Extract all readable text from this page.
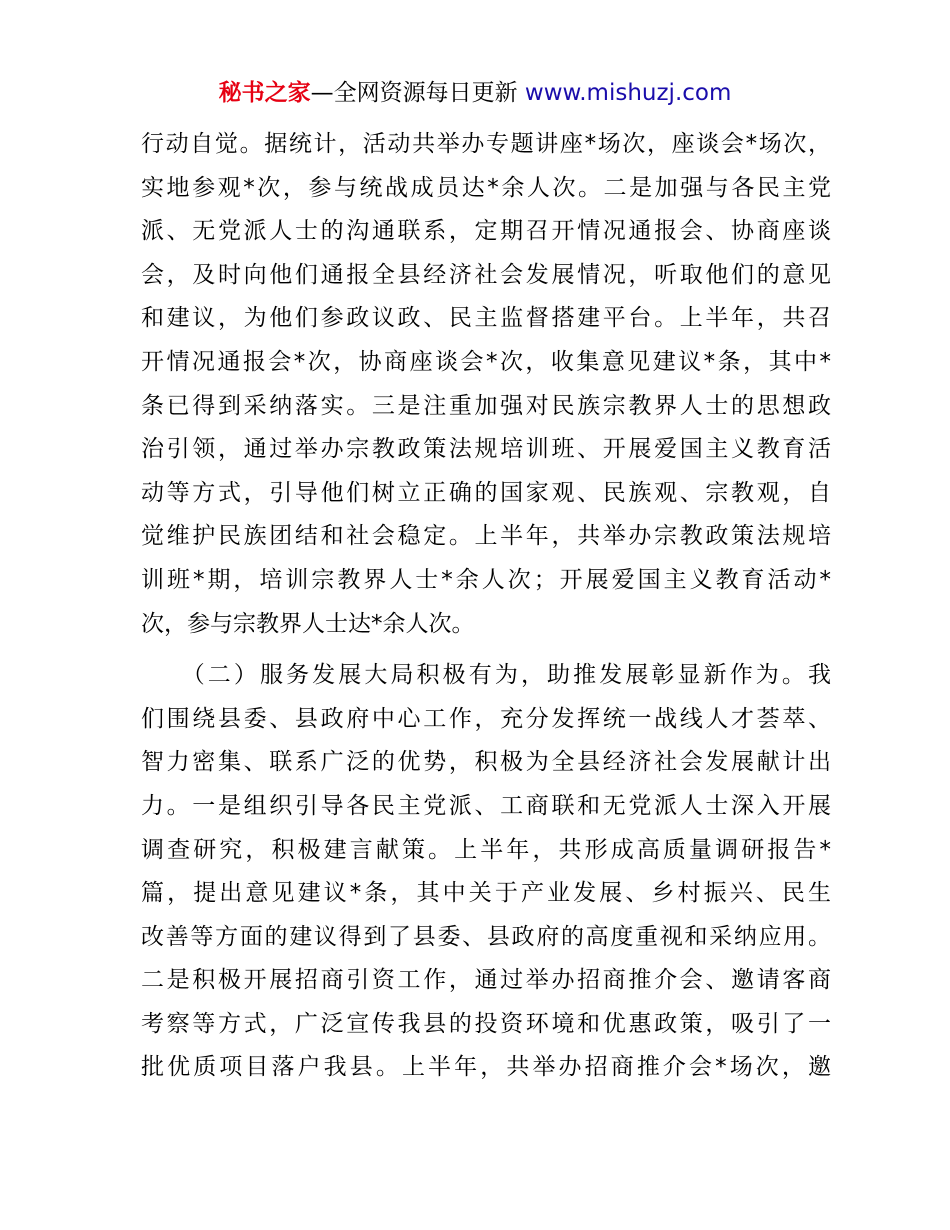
秘书之家—全网资源每日更新 www.mishuzj.com
行动自觉。据统计，活动共举办专题讲座*场次，座谈会*场次，
实地参观*次，参与统战成员达*余人次。二是加强与各民主党
派、无党派人士的沟通联系，定期召开情况通报会、协商座谈
会，及时向他们通报全县经济社会发展情况，听取他们的意见
和建议，为他们参政议政、民主监督搭建平台。上半年，共召
开情况通报会*次，协商座谈会*次，收集意见建议*条，其中*
条已得到采纳落实。三是注重加强对民族宗教界人士的思想政
治引领，通过举办宗教政策法规培训班、开展爱国主义教育活
动等方式，引导他们树立正确的国家观、民族观、宗教观，自
觉维护民族团结和社会稳定。上半年，共举办宗教政策法规培
训班*期，培训宗教界人士*余人次；开展爱国主义教育活动*
次，参与宗教界人士达*余人次。
　　（二）服务发展大局积极有为，助推发展彰显新作为。我
们围绕县委、县政府中心工作，充分发挥统一战线人才荟萃、
智力密集、联系广泛的优势，积极为全县经济社会发展献计出
力。一是组织引导各民主党派、工商联和无党派人士深入开展
调查研究，积极建言献策。上半年，共形成高质量调研报告*
篇，提出意见建议*条，其中关于产业发展、乡村振兴、民生
改善等方面的建议得到了县委、县政府的高度重视和采纳应用。
二是积极开展招商引资工作，通过举办招商推介会、邀请客商
考察等方式，广泛宣传我县的投资环境和优惠政策，吸引了一
批优质项目落户我县。上半年，共举办招商推介会*场次，邀
